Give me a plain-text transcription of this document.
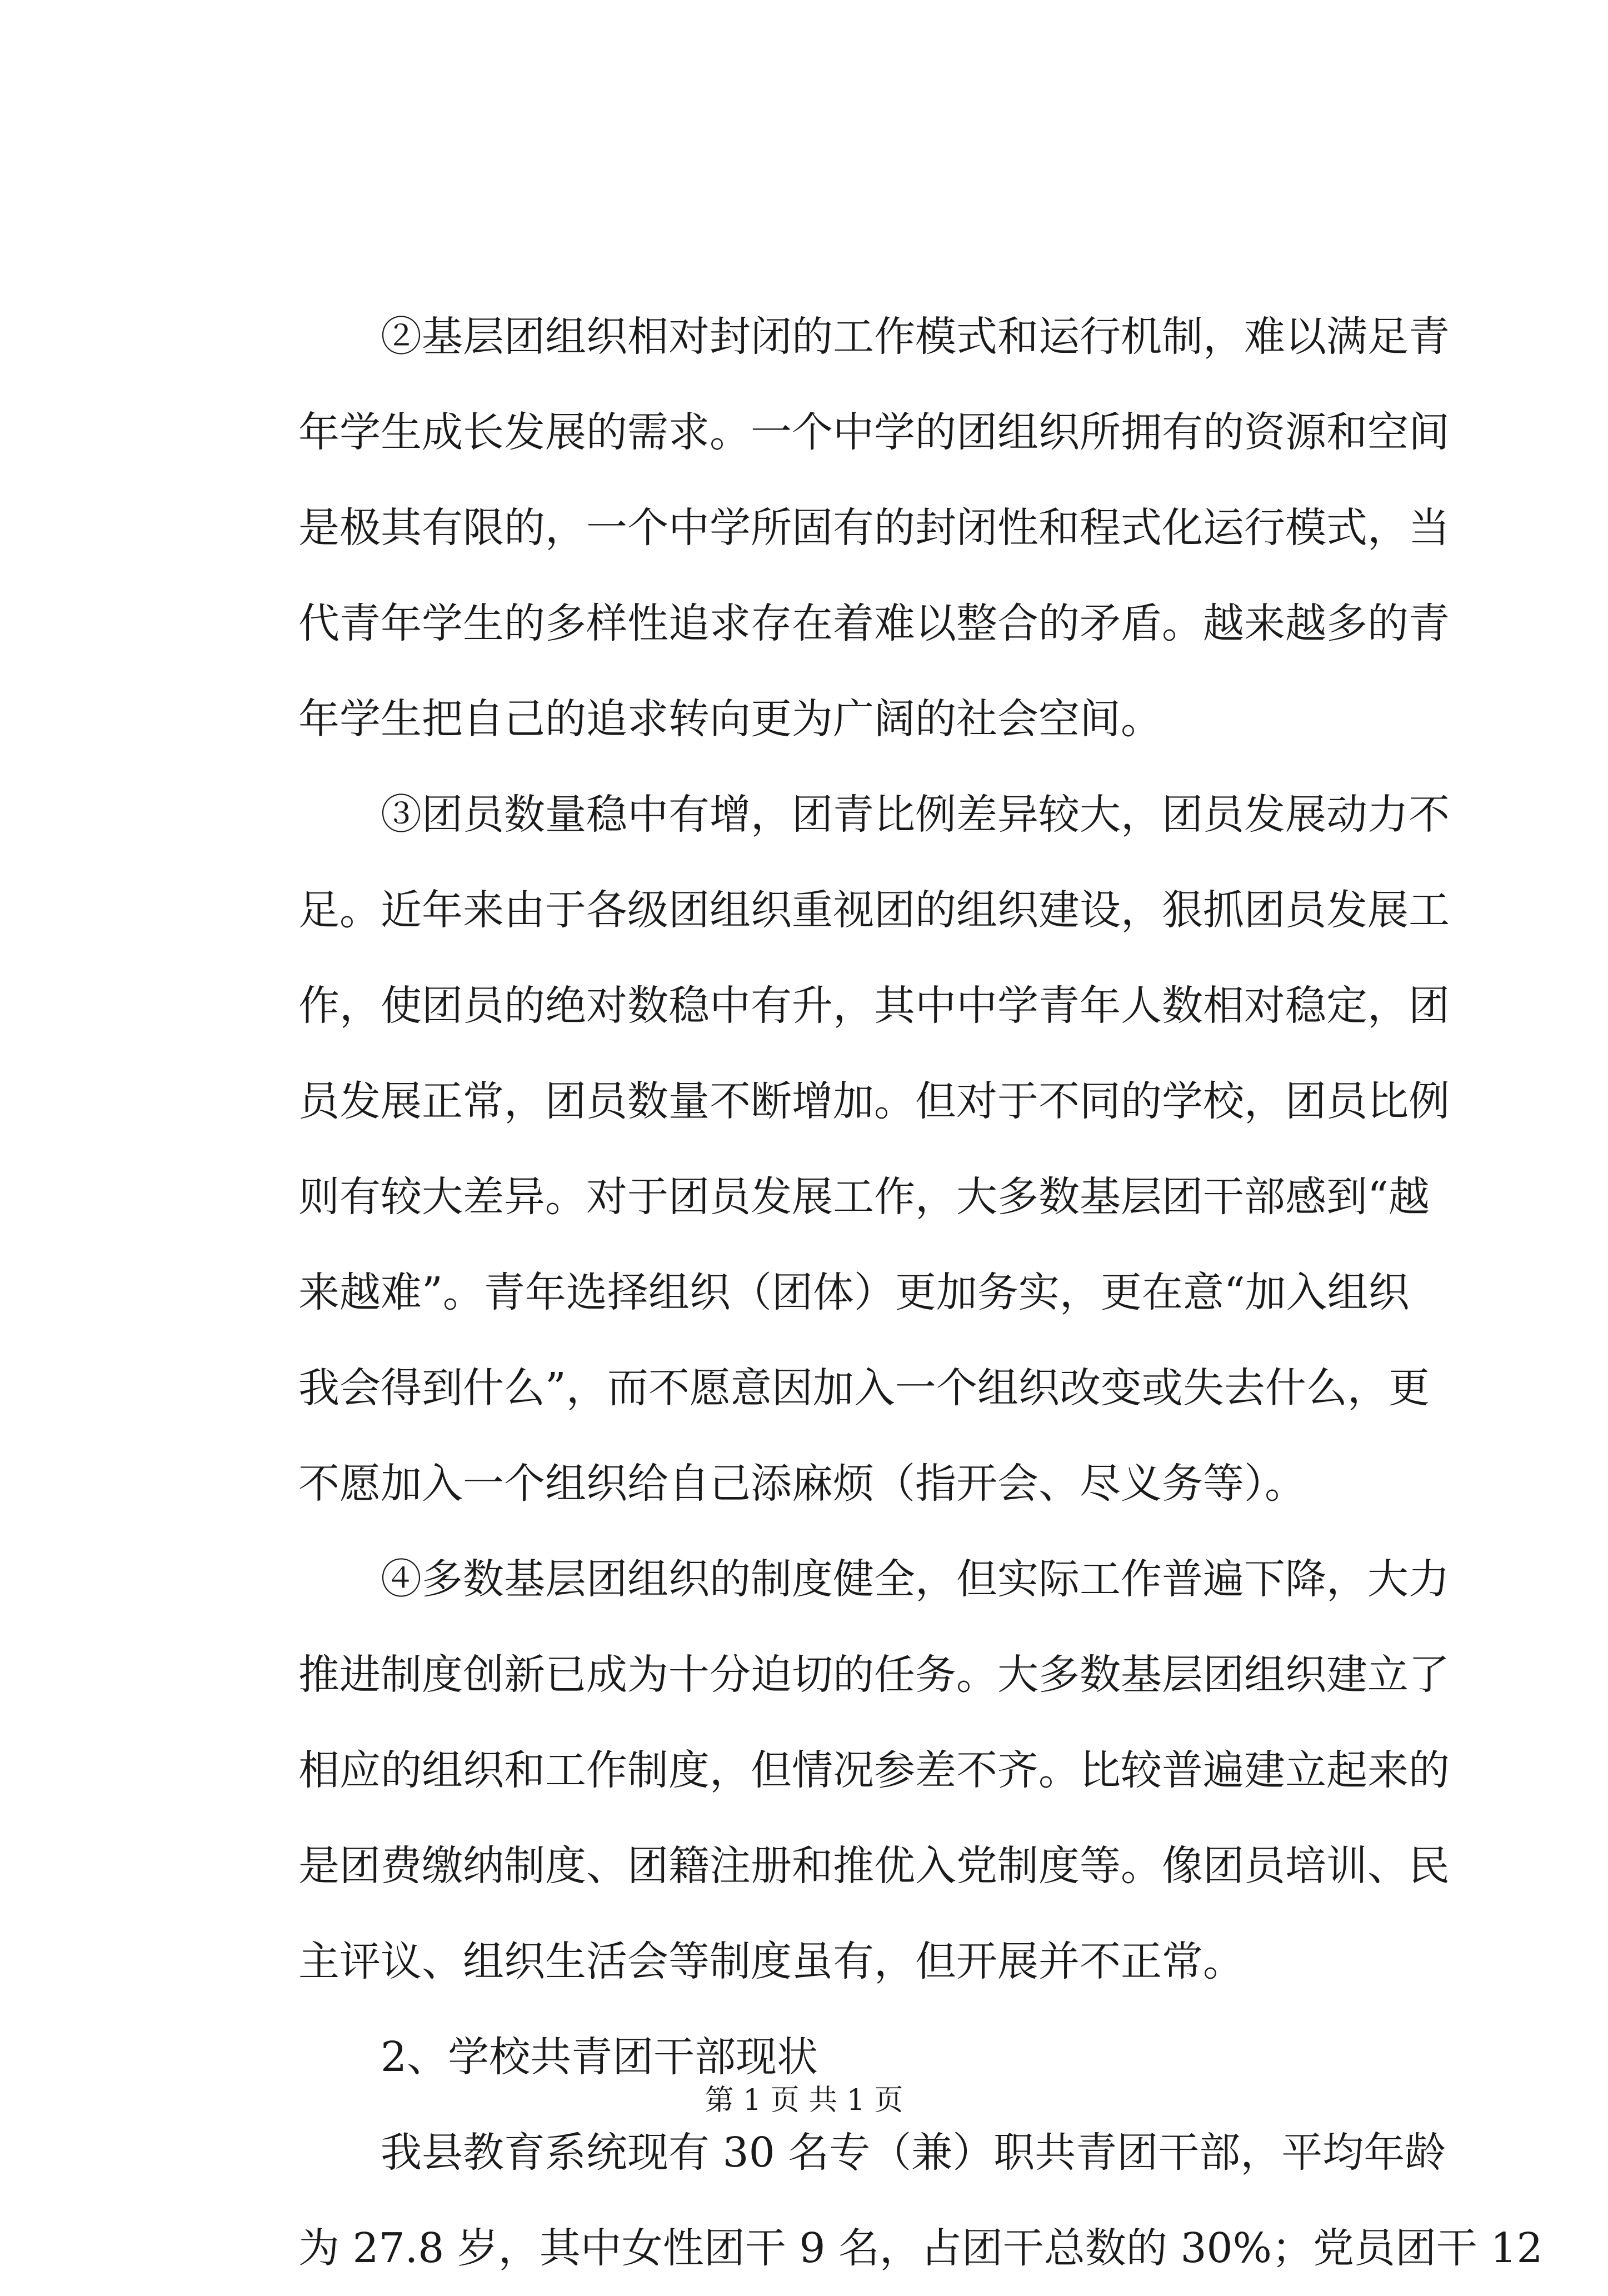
②基层团组织相对封闭的工作模式和运行机制，难以满足青
年学生成长发展的需求。一个中学的团组织所拥有的资源和空间
是极其有限的，一个中学所固有的封闭性和程式化运行模式，当
代青年学生的多样性追求存在着难以整合的矛盾。越来越多的青
年学生把自己的追求转向更为广阔的社会空间。
③团员数量稳中有增，团青比例差异较大，团员发展动力不
足。近年来由于各级团组织重视团的组织建设，狠抓团员发展工
作，使团员的绝对数稳中有升，其中中学青年人数相对稳定，团
员发展正常，团员数量不断增加。但对于不同的学校，团员比例
则有较大差异。对于团员发展工作，大多数基层团干部感到“越
来越难”。青年选择组织（团体）更加务实，更在意“加入组织
我会得到什么”，而不愿意因加入一个组织改变或失去什么，更
不愿加入一个组织给自己添麻烦（指开会、尽义务等）。
④多数基层团组织的制度健全，但实际工作普遍下降，大力
推进制度创新已成为十分迫切的任务。大多数基层团组织建立了
相应的组织和工作制度，但情况参差不齐。比较普遍建立起来的
是团费缴纳制度、团籍注册和推优入党制度等。像团员培训、民
主评议、组织生活会等制度虽有，但开展并不正常。
2、学校共青团干部现状
我县教育系统现有 30 名专（兼）职共青团干部，平均年龄
为 27.8 岁，其中女性团干 9 名，占团干总数的 30%；党员团干 12
第 1 页 共 1 页
